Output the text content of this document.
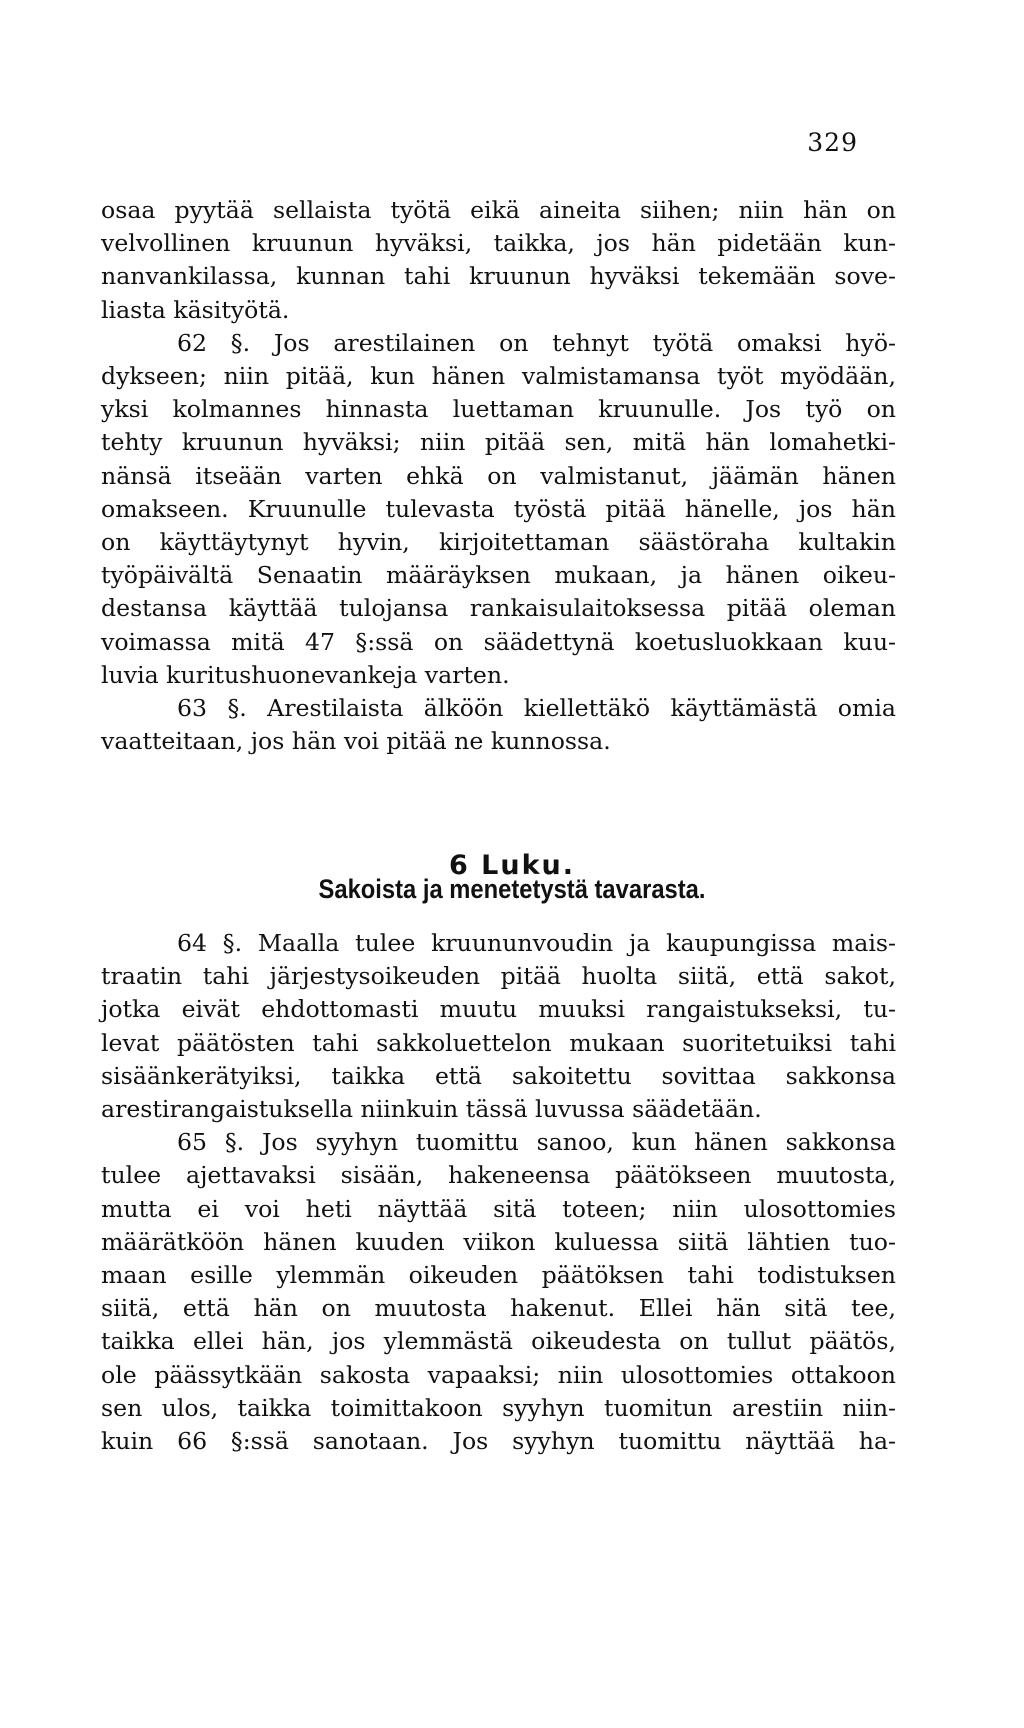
329
osaa pyytää sellaista työtä eikä aineita siihen; niin hän on
velvollinen kruunun hyväksi, taikka, jos hän pidetään kun-
nanvankilassa, kunnan tahi kruunun hyväksi tekemään sove-
liasta käsityötä.
62 §. Jos arestilainen on tehnyt työtä omaksi hyö-
dykseen; niin pitää, kun hänen valmistamansa työt myödään,
yksi kolmannes hinnasta luettaman kruunulle. Jos työ on
tehty kruunun hyväksi; niin pitää sen, mitä hän lomahetki-
nänsä itseään varten ehkä on valmistanut, jäämän hänen
omakseen. Kruunulle tulevasta työstä pitää hänelle, jos hän
on käyttäytynyt hyvin, kirjoitettaman säästöraha kultakin
työpäivältä Senaatin määräyksen mukaan, ja hänen oikeu-
destansa käyttää tulojansa rankaisulaitoksessa pitää oleman
voimassa mitä 47 §:ssä on säädettynä koetusluokkaan kuu-
luvia kuritushuonevankeja varten.
63 §. Arestilaista älköön kiellettäkö käyttämästä omia
vaatteitaan, jos hän voi pitää ne kunnossa.
6 Luku.
Sakoista ja menetetystä tavarasta.
64 §. Maalla tulee kruununvoudin ja kaupungissa mais-
traatin tahi järjestysoikeuden pitää huolta siitä, että sakot,
jotka eivät ehdottomasti muutu muuksi rangaistukseksi, tu-
levat päätösten tahi sakkoluettelon mukaan suoritetuiksi tahi
sisäänkerätyiksi, taikka että sakoitettu sovittaa sakkonsa
arestirangaistuksella niinkuin tässä luvussa säädetään.
65 §. Jos syyhyn tuomittu sanoo, kun hänen sakkonsa
tulee ajettavaksi sisään, hakeneensa päätökseen muutosta,
mutta ei voi heti näyttää sitä toteen; niin ulosottomies
määrätköön hänen kuuden viikon kuluessa siitä lähtien tuo-
maan esille ylemmän oikeuden päätöksen tahi todistuksen
siitä, että hän on muutosta hakenut. Ellei hän sitä tee,
taikka ellei hän, jos ylemmästä oikeudesta on tullut päätös,
ole päässytkään sakosta vapaaksi; niin ulosottomies ottakoon
sen ulos, taikka toimittakoon syyhyn tuomitun arestiin niin-
kuin 66 §:ssä sanotaan. Jos syyhyn tuomittu näyttää ha-
